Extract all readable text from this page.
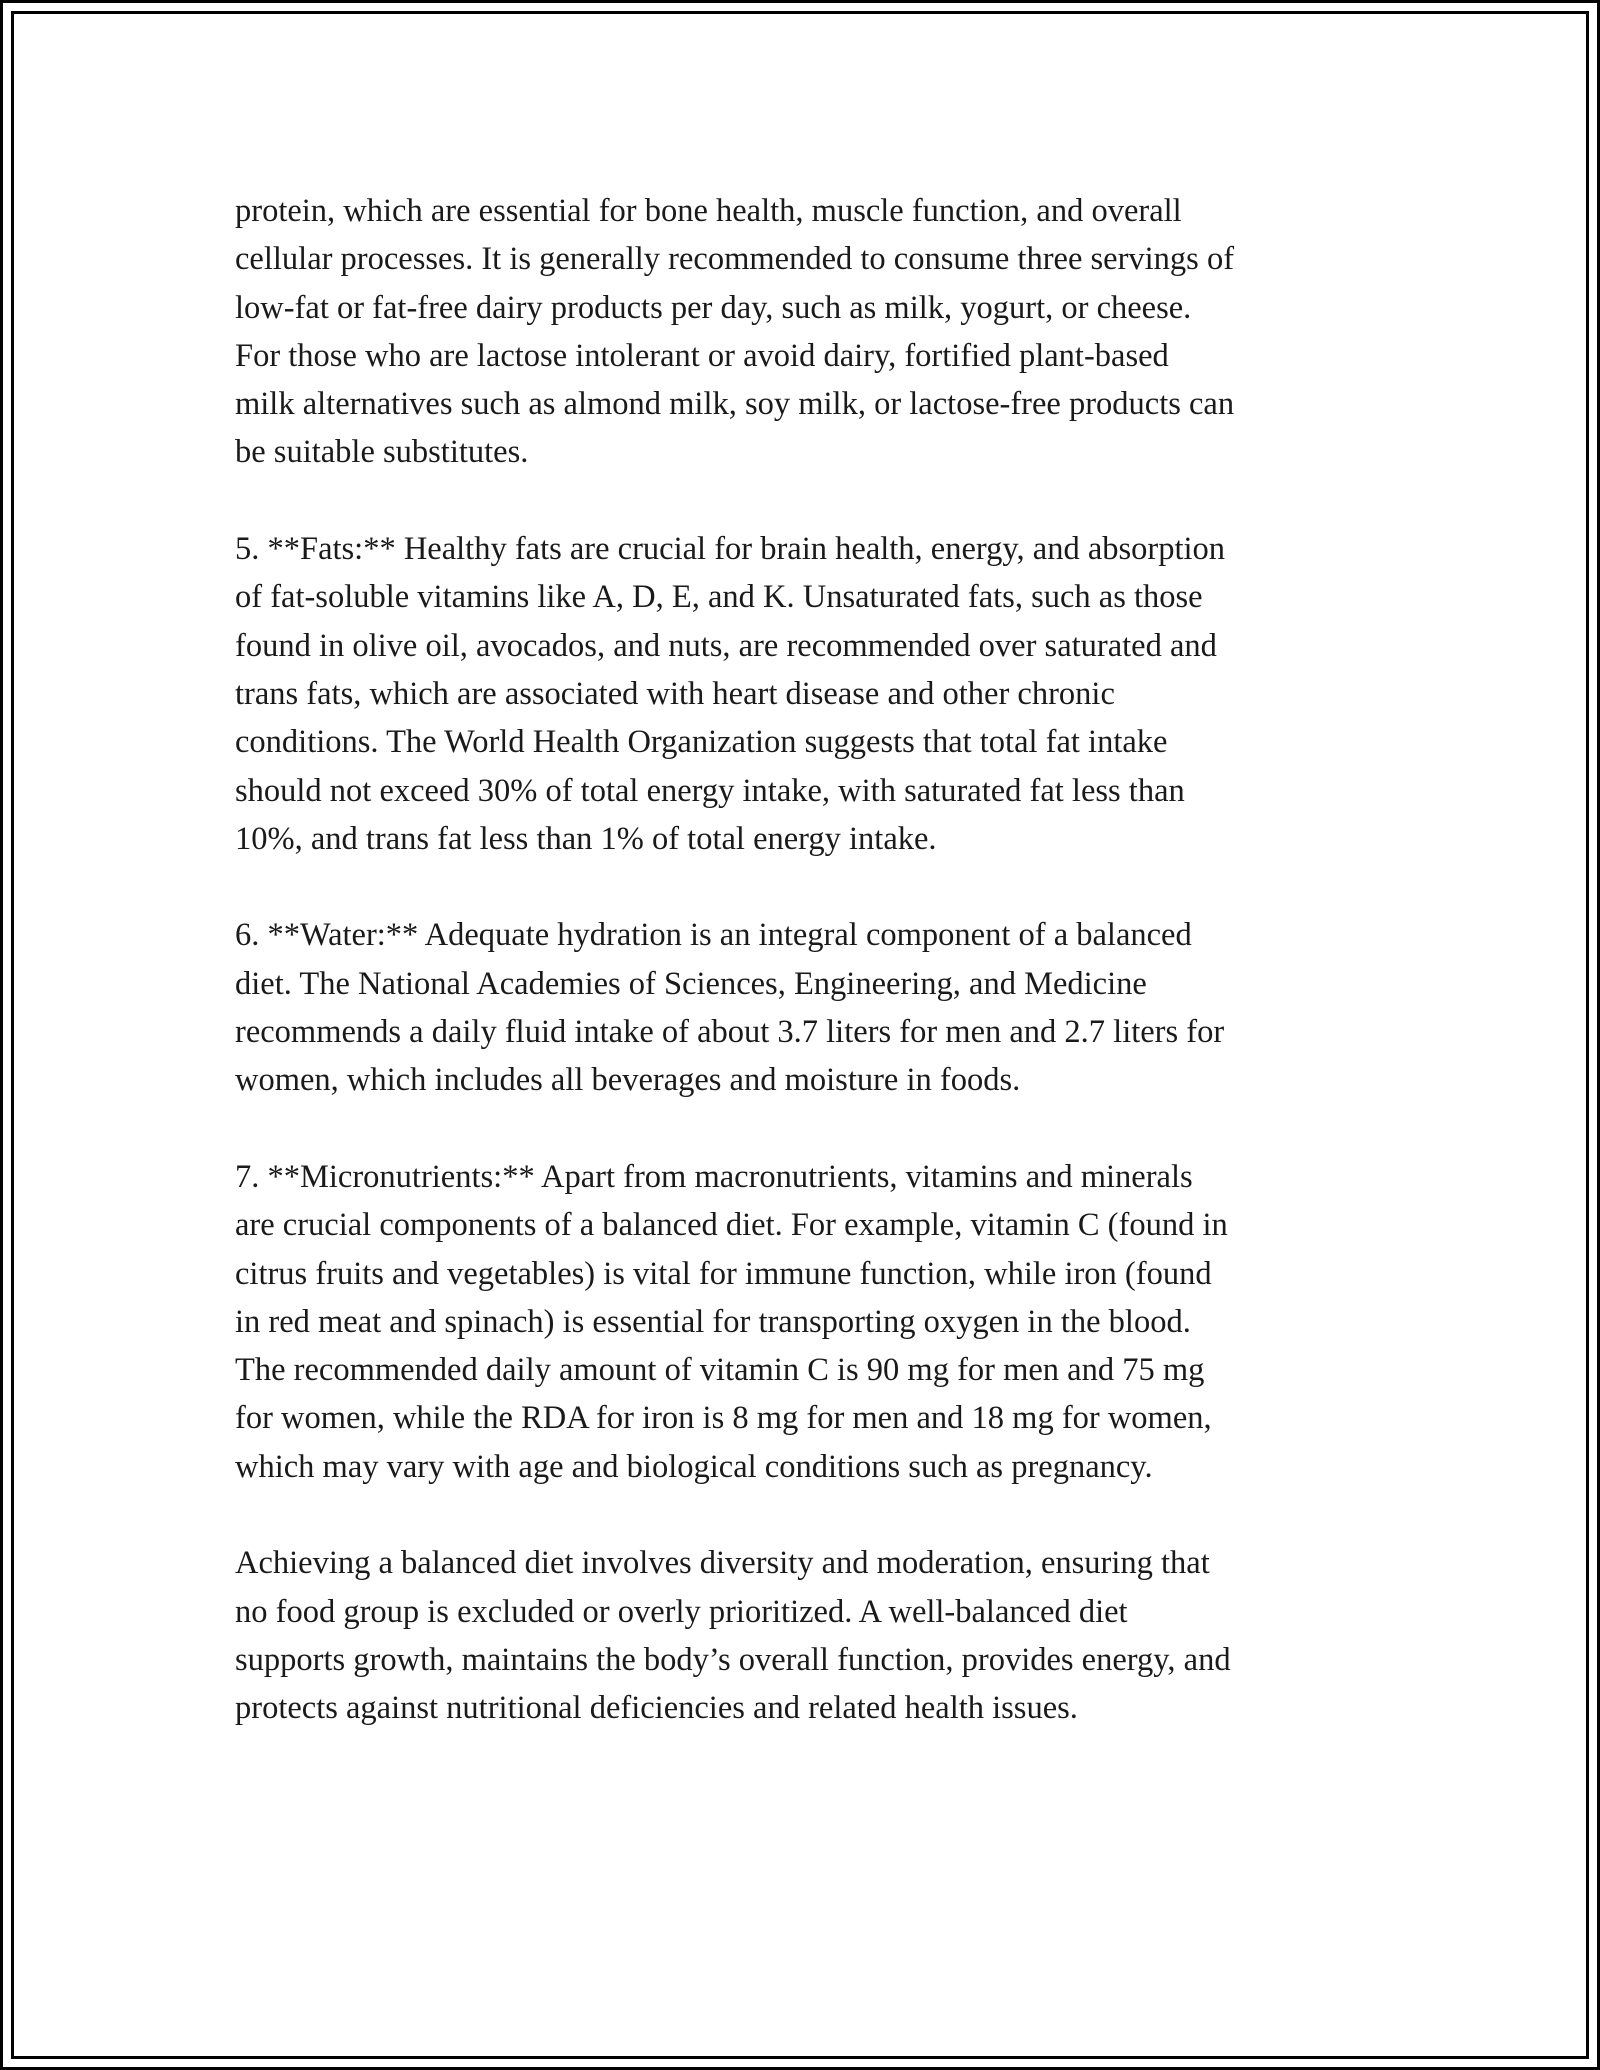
protein, which are essential for bone health, muscle function, and overall
cellular processes. It is generally recommended to consume three servings of
low-fat or fat-free dairy products per day, such as milk, yogurt, or cheese.
For those who are lactose intolerant or avoid dairy, fortified plant-based
milk alternatives such as almond milk, soy milk, or lactose-free products can
be suitable substitutes.
5. **Fats:** Healthy fats are crucial for brain health, energy, and absorption
of fat-soluble vitamins like A, D, E, and K. Unsaturated fats, such as those
found in olive oil, avocados, and nuts, are recommended over saturated and
trans fats, which are associated with heart disease and other chronic
conditions. The World Health Organization suggests that total fat intake
should not exceed 30% of total energy intake, with saturated fat less than
10%, and trans fat less than 1% of total energy intake.
6. **Water:** Adequate hydration is an integral component of a balanced
diet. The National Academies of Sciences, Engineering, and Medicine
recommends a daily fluid intake of about 3.7 liters for men and 2.7 liters for
women, which includes all beverages and moisture in foods.
7. **Micronutrients:** Apart from macronutrients, vitamins and minerals
are crucial components of a balanced diet. For example, vitamin C (found in
citrus fruits and vegetables) is vital for immune function, while iron (found
in red meat and spinach) is essential for transporting oxygen in the blood.
The recommended daily amount of vitamin C is 90 mg for men and 75 mg
for women, while the RDA for iron is 8 mg for men and 18 mg for women,
which may vary with age and biological conditions such as pregnancy.
Achieving a balanced diet involves diversity and moderation, ensuring that
no food group is excluded or overly prioritized. A well-balanced diet
supports growth, maintains the body’s overall function, provides energy, and
protects against nutritional deficiencies and related health issues.
